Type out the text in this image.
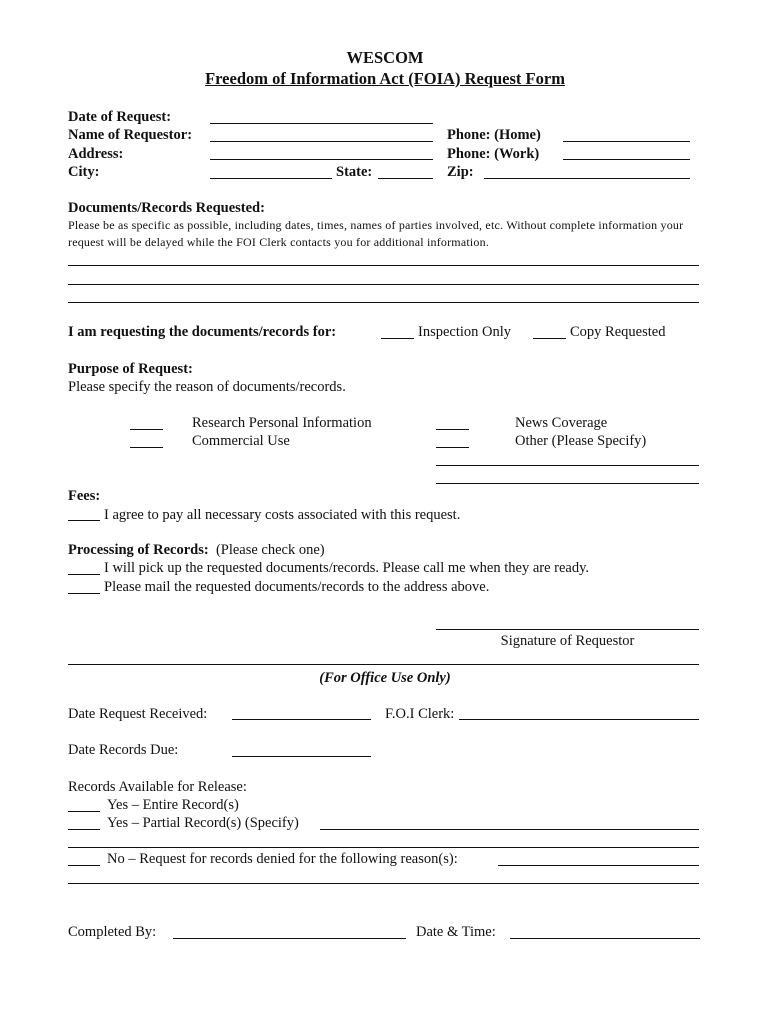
WESCOM
Freedom of Information Act (FOIA) Request Form
Date of Request:
Name of Requestor:	Phone: (Home)
Address:	Phone: (Work)
City:	State:	Zip:
Documents/Records Requested:
Please be as specific as possible, including dates, times, names of parties involved, etc. Without complete information your request will be delayed while the FOI Clerk contacts you for additional information.
I am requesting the documents/records for:	Inspection Only	Copy Requested
Purpose of Request:
Please specify the reason of documents/records.
Research Personal Information
Commercial Use
News Coverage
Other (Please Specify)
Fees:
I agree to pay all necessary costs associated with this request.
Processing of Records: (Please check one)
I will pick up the requested documents/records. Please call me when they are ready.
Please mail the requested documents/records to the address above.
Signature of Requestor
(For Office Use Only)
Date Request Received:	F.O.I Clerk:
Date Records Due:
Records Available for Release:
Yes – Entire Record(s)
Yes – Partial Record(s) (Specify)
No – Request for records denied for the following reason(s):
Completed By:	Date & Time:
